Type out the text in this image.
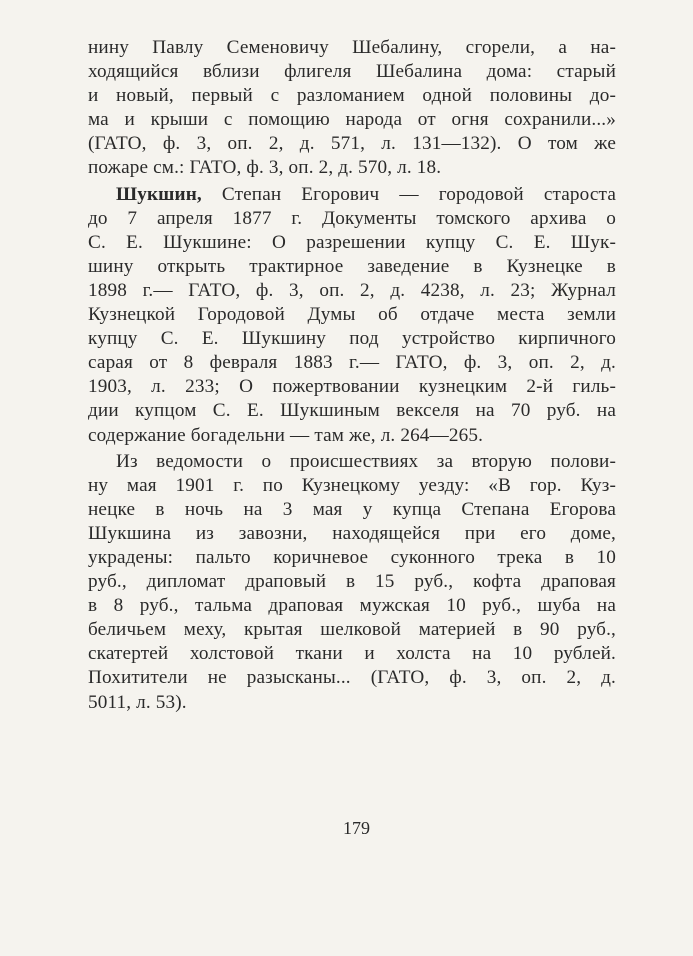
нину Павлу Семеновичу Шебалину, сгорели, а на-
ходящийся вблизи флигеля Шебалина дома: старый
и новый, первый с разломанием одной половины до-
ма и крыши с помощию народа от огня сохранили...»
(ГАТО, ф. 3, оп. 2, д. 571, л. 131—132). О том же
пожаре см.: ГАТО, ф. 3, оп. 2, д. 570, л. 18.
Шукшин, Степан Егорович — городовой староста
до 7 апреля 1877 г. Документы томского архива о
С. Е. Шукшине: О разрешении купцу С. Е. Шук-
шину открыть трактирное заведение в Кузнецке в
1898 г.— ГАТО, ф. 3, оп. 2, д. 4238, л. 23; Журнал
Кузнецкой Городовой Думы об отдаче места земли
купцу С. Е. Шукшину под устройство кирпичного
сарая от 8 февраля 1883 г.— ГАТО, ф. 3, оп. 2, д.
1903, л. 233; О пожертвовании кузнецким 2-й гиль-
дии купцом С. Е. Шукшиным векселя на 70 руб. на
содержание богадельни — там же, л. 264—265.
Из ведомости о происшествиях за вторую полови-
ну мая 1901 г. по Кузнецкому уезду: «В гор. Куз-
нецке в ночь на 3 мая у купца Степана Егорова
Шукшина из завозни, находящейся при его доме,
украдены: пальто коричневое суконного трека в 10
руб., дипломат драповый в 15 руб., кофта драповая
в 8 руб., тальма драповая мужская 10 руб., шуба на
беличьем меху, крытая шелковой материей в 90 руб.,
скатертей холстовой ткани и холста на 10 рублей.
Похитители не разысканы... (ГАТО, ф. 3, оп. 2, д.
5011, л. 53).
179
